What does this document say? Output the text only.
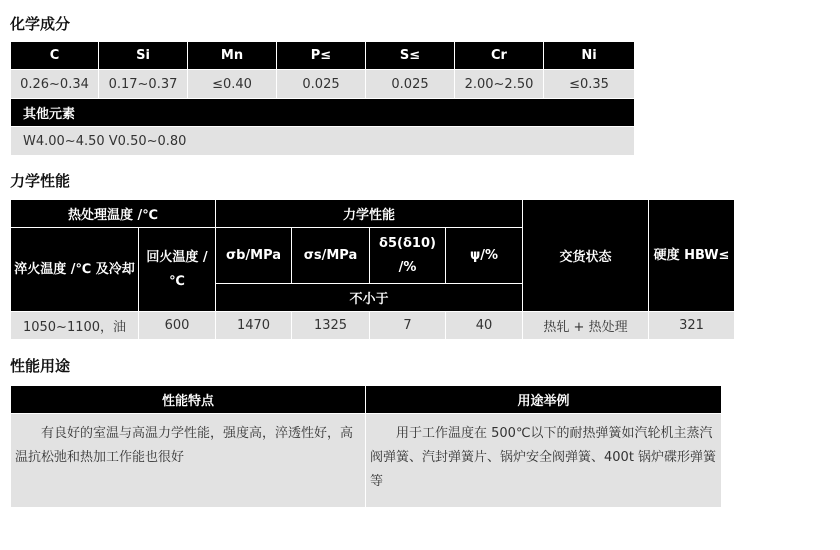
化学成分
C	Si	Mn	P≤	S≤	Cr	Ni
0.26~0.34	0.17~0.37	≤0.40	0.025	0.025	2.00~2.50	≤0.35
其他元素						
W4.00~4.50 V0.50~0.80						
力学性能
热处理温度 /℃		力学性能				交货状态	硬度 HBW≤
淬火温度 /℃ 及冷却	回火温度 /℃	σb/MPa	σs/MPa	δ5(δ10) /%	ψ/%		
		不小于					
1050~1100，油	600	1470	1325	7	40	热轧 + 热处理	321
性能用途
性能特点	用途举例
有良好的室温与高温力学性能，强度高，淬透性好，高温抗松弛和热加工作能也很好	用于工作温度在 500℃以下的耐热弹簧如汽轮机主蒸汽阀弹簧、汽封弹簧片、锅炉安全阀弹簧、400t 锅炉碟形弹簧等
